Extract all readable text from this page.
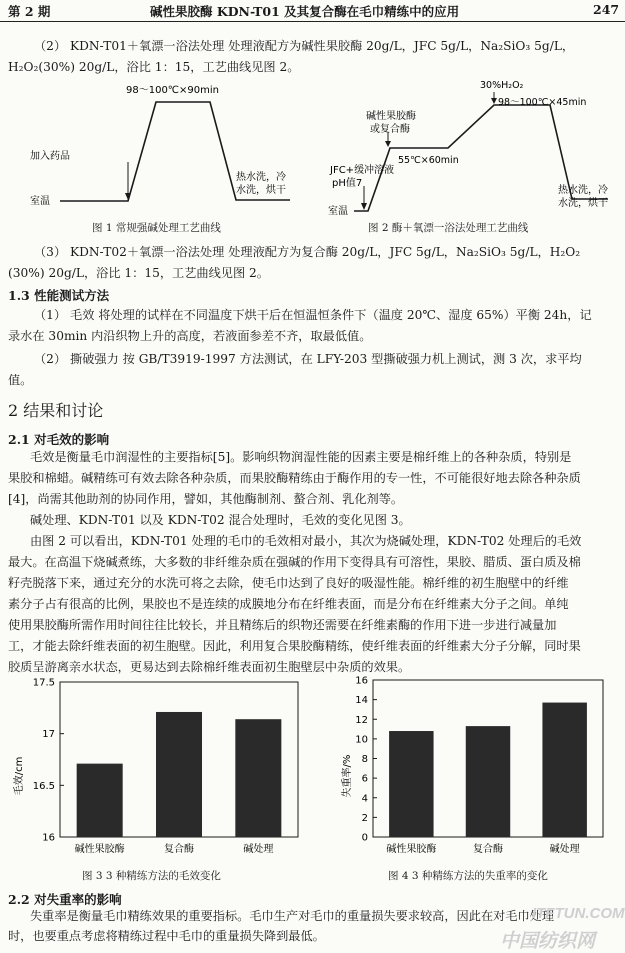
第 2 期	碱性果胶酶 KDN-T01 及其复合酶在毛巾精练中的应用	247
（2） KDN-T01＋氧漂一浴法处理 处理液配方为碱性果胶酶 20g/L，JFC 5g/L，Na₂SiO₃ 5g/L，
H₂O₂(30%) 20g/L，浴比 1：15，工艺曲线见图 2。
98～100℃×90min
加入药品
室温
热水洗，冷
水洗，烘干
图 1 常规强碱处理工艺曲线
30%H₂O₂
98～100℃×45min
碱性果胶酶
或复合酶
55℃×60min
JFC+缓冲溶液
pH值7
室温
热水洗，冷
水洗，烘干
图 2 酶＋氧漂一浴法处理工艺曲线
（3） KDN-T02＋氧漂一浴法处理 处理液配方为复合酶 20g/L，JFC 5g/L，Na₂SiO₃ 5g/L，H₂O₂
(30%) 20g/L，浴比 1：15，工艺曲线见图 2。
1.3 性能测试方法
（1） 毛效 将处理的试样在不同温度下烘干后在恒温恒条件下（温度 20℃、湿度 65%）平衡 24h，记
录水在 30min 内沿织物上升的高度，若液面参差不齐，取最低值。
（2） 撕破强力 按 GB/T3919-1997 方法测试，在 LFY-203 型撕破强力机上测试，测 3 次，求平均
值。
2 结果和讨论
2.1 对毛效的影响
毛效是衡量毛巾润湿性的主要指标[5]。影响织物润湿性能的因素主要是棉纤维上的各种杂质，特别是
果胶和棉蜡。碱精练可有效去除各种杂质，而果胶酶精练由于酶作用的专一性，不可能很好地去除各种杂质
[4]，尚需其他助剂的协同作用，譬如，其他酶制剂、螯合剂、乳化剂等。
碱处理、KDN-T01 以及 KDN-T02 混合处理时，毛效的变化见图 3。
由图 2 可以看出，KDN-T01 处理的毛巾的毛效相对最小，其次为烧碱处理，KDN-T02 处理后的毛效
最大。在高温下烧碱煮练，大多数的非纤维杂质在强碱的作用下变得具有可溶性，果胶、腊质、蛋白质及棉
籽壳脱落下来，通过充分的水洗可将之去除，使毛巾达到了良好的吸湿性能。棉纤维的初生胞壁中的纤维
素分子占有很高的比例，果胶也不是连续的成膜地分布在纤维表面，而是分布在纤维素大分子之间。单纯
使用果胶酶所需作用时间往往比较长，并且精练后的织物还需要在纤维素酶的作用下进一步进行减量加
工，才能去除纤维表面的初生胞壁。因此，利用复合果胶酶精练，使纤维表面的纤维素大分子分解，同时果
胶质呈游离亲水状态，更易达到去除棉纤维表面初生胞壁层中杂质的效果。
毛效/cm
16
16.5
17
17.5
碱性果胶酶	复合酶	碱处理
图 3 3 种精练方法的毛效变化
失重率/%
0
2
4
6
8
10
12
14
16
碱性果胶酶	复合酶	碱处理
图 4 3 种精练方法的失重率的变化
2.2 对失重率的影响
失重率是衡量毛巾精练效果的重要指标。毛巾生产对毛巾的重量损失要求较高，因此在对毛巾处理
时，也要重点考虑将精练过程中毛巾的重量损失降到最低。
ITFTUN.COM
中国纺织网
